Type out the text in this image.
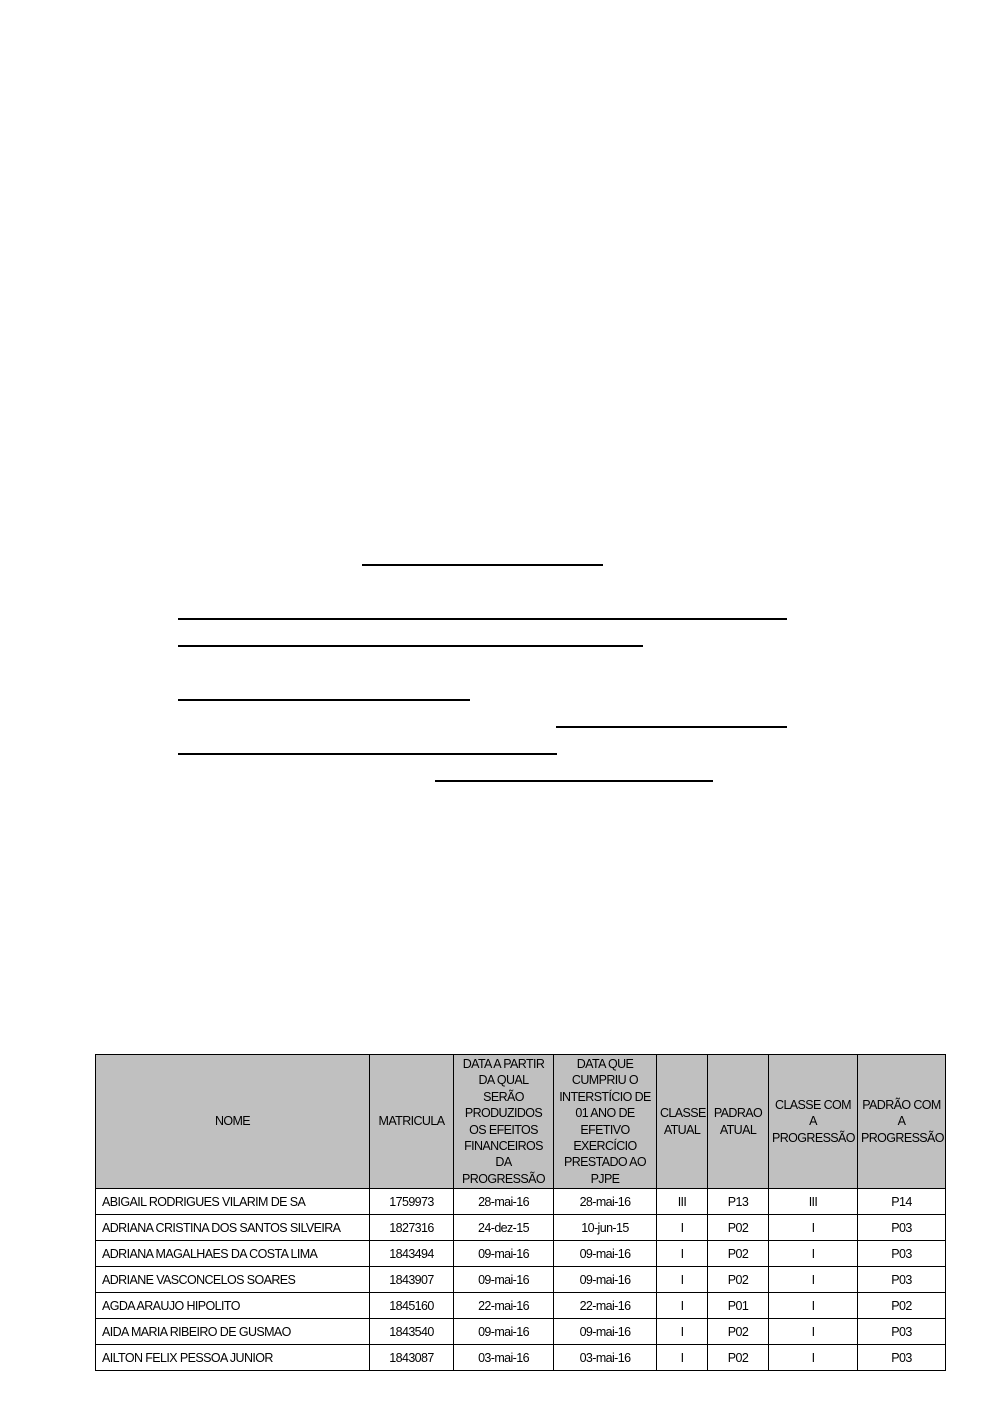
NOME	MATRICULA	DATA A PARTIR DA QUAL SERÃO PRODUZIDOS OS EFEITOS FINANCEIROS DA PROGRESSÃO	DATA QUE CUMPRIU O INTERSTÍCIO DE 01 ANO DE EFETIVO EXERCÍCIO PRESTADO AO PJPE	CLASSE ATUAL	PADRAO ATUAL	CLASSE COM A PROGRESSÃO	PADRÃO COM A PROGRESSÃO
ABIGAIL RODRIGUES VILARIM DE SA	1759973	28-mai-16	28-mai-16	III	P13	III	P14
ADRIANA CRISTINA DOS SANTOS SILVEIRA	1827316	24-dez-15	10-jun-15	I	P02	I	P03
ADRIANA MAGALHAES DA COSTA LIMA	1843494	09-mai-16	09-mai-16	I	P02	I	P03
ADRIANE VASCONCELOS SOARES	1843907	09-mai-16	09-mai-16	I	P02	I	P03
AGDA ARAUJO HIPOLITO	1845160	22-mai-16	22-mai-16	I	P01	I	P02
AIDA MARIA RIBEIRO DE GUSMAO	1843540	09-mai-16	09-mai-16	I	P02	I	P03
AILTON FELIX PESSOA JUNIOR	1843087	03-mai-16	03-mai-16	I	P02	I	P03
